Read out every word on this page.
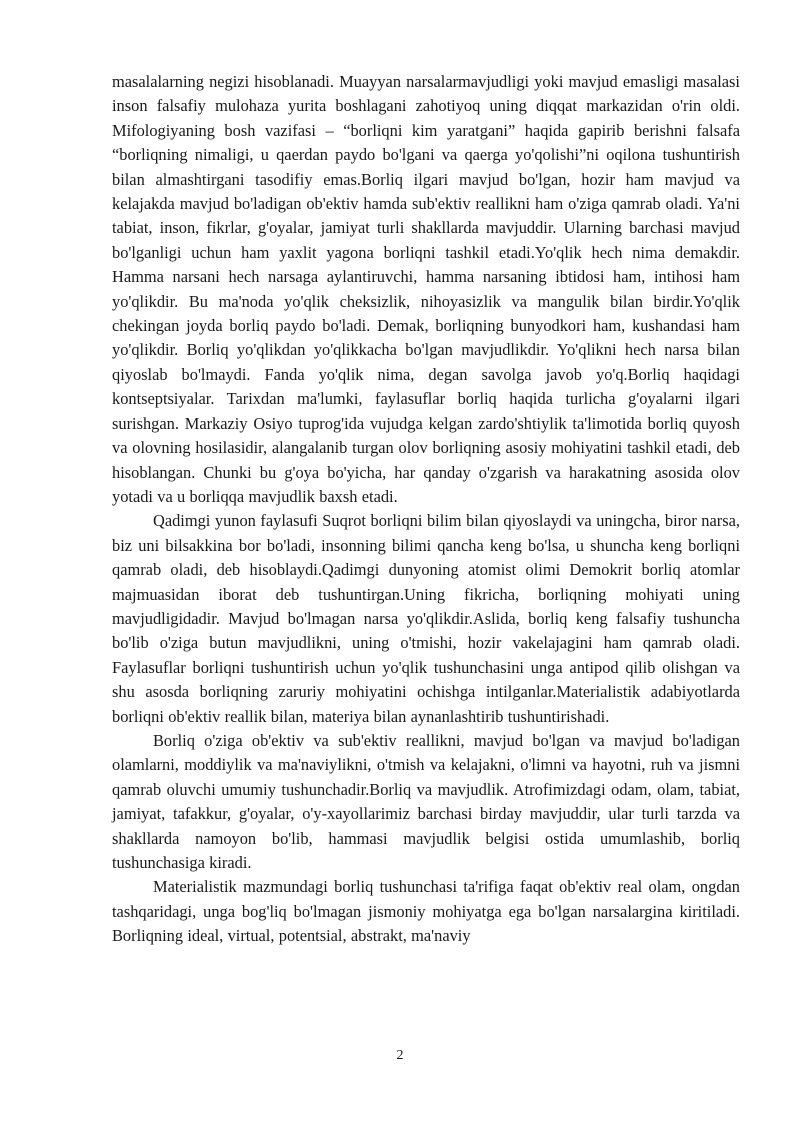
masalalarning negizi hisoblanadi. Muayyan narsalarmavjudligi yoki mavjud emasligi masalasi inson falsafiy mulohaza yurita boshlagani zahotiyoq uning diqqat markazidan o'rin oldi. Mifologiyaning bosh vazifasi – “borliqni kim yaratgani” haqida gapirib berishni falsafa “borliqning nimaligi, u qaerdan paydo bo'lgani va qaerga yo'qolishi”ni oqilona tushuntirish bilan almashtirgani tasodifiy emas.Borliq ilgari mavjud bo'lgan, hozir ham mavjud va kelajakda mavjud bo'ladigan ob'ektiv hamda sub'ektiv reallikni ham o'ziga qamrab oladi. Ya'ni tabiat, inson, fikrlar, g'oyalar, jamiyat turli shakllarda mavjuddir. Ularning barchasi mavjud bo'lganligi uchun ham yaxlit yagona borliqni tashkil etadi.Yo'qlik hech nima demakdir. Hamma narsani hech narsaga aylantiruvchi, hamma narsaning ibtidosi ham, intihosi ham yo'qlikdir. Bu ma'noda yo'qlik cheksizlik, nihoyasizlik va mangulik bilan birdir.Yo'qlik chekingan joyda borliq paydo bo'ladi. Demak, borliqning bunyodkori ham, kushandasi ham yo'qlikdir. Borliq yo'qlikdan yo'qlikkacha bo'lgan mavjudlikdir. Yo'qlikni hech narsa bilan qiyoslab bo'lmaydi. Fanda yo'qlik nima, degan savolga javob yo'q.Borliq haqidagi kontseptsiyalar. Tarixdan ma'lumki, faylasuflar borliq haqida turlicha g'oyalarni ilgari surishgan. Markaziy Osiyo tuprog'ida vujudga kelgan zardo'shtiylik ta'limotida borliq quyosh va olovning hosilasidir, alangalanib turgan olov borliqning asosiy mohiyatini tashkil etadi, deb hisoblangan. Chunki bu g'oya bo'yicha, har qanday o'zgarish va harakatning asosida olov yotadi va u borliqqa mavjudlik baxsh etadi.

Qadimgi yunon faylasufi Suqrot borliqni bilim bilan qiyoslaydi va uningcha, biror narsa, biz uni bilsakkina bor bo'ladi, insonning bilimi qancha keng bo'lsa, u shuncha keng borliqni qamrab oladi, deb hisoblaydi.Qadimgi dunyoning atomist olimi Demokrit borliq atomlar majmuasidan iborat deb tushuntirgan.Uning fikricha, borliqning mohiyati uning mavjudligidadir. Mavjud bo'lmagan narsa yo'qlikdir.Aslida, borliq keng falsafiy tushuncha bo'lib o'ziga butun mavjudlikni, uning o'tmishi, hozir vakelajagini ham qamrab oladi. Faylasuflar borliqni tushuntirish uchun yo'qlik tushunchasini unga antipod qilib olishgan va shu asosda borliqning zaruriy mohiyatini ochishga intilganlar.Materialistik adabiyotlarda borliqni ob'ektiv reallik bilan, materiya bilan aynanlashtirib tushuntirishadi.

Borliq o'ziga ob'ektiv va sub'ektiv reallikni, mavjud bo'lgan va mavjud bo'ladigan olamlarni, moddiylik va ma'naviylikni, o'tmish va kelajakni, o'limni va hayotni, ruh va jismni qamrab oluvchi umumiy tushunchadir.Borliq va mavjudlik. Atrofimizdagi odam, olam, tabiat, jamiyat, tafakkur, g'oyalar, o'y-xayollarimiz barchasi birday mavjuddir, ular turli tarzda va shakllarda namoyon bo'lib, hammasi mavjudlik belgisi ostida umumlashib, borliq tushunchasiga kiradi.

Materialistik mazmundagi borliq tushunchasi ta'rifiga faqat ob'ektiv real olam, ongdan tashqaridagi, unga bog'liq bo'lmagan jismoniy mohiyatga ega bo'lgan narsalargina kiritiladi. Borliqning ideal, virtual, potentsial, abstrakt, ma'naviy

2
